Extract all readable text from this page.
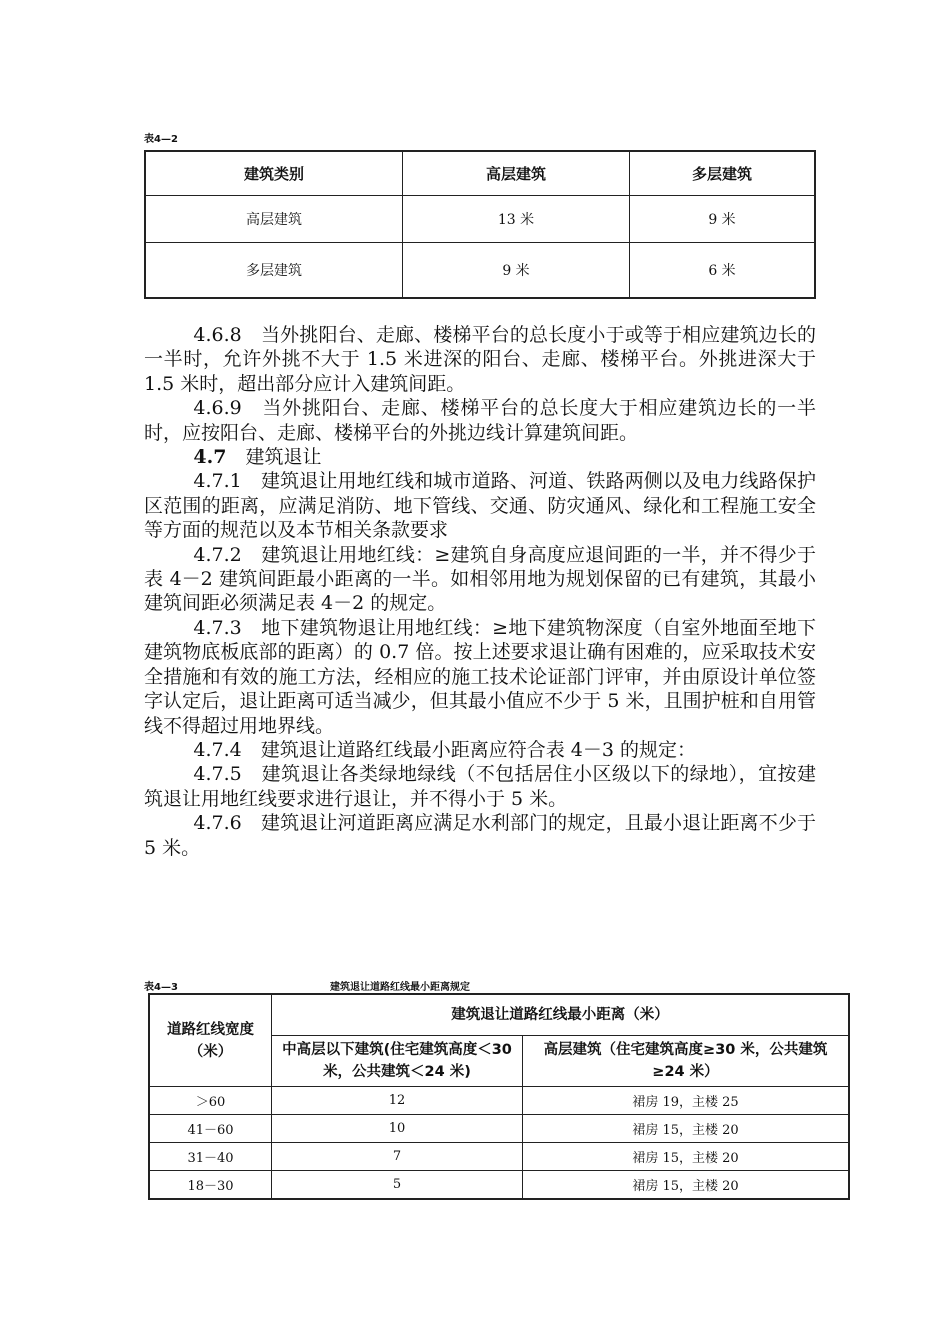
表4—2
建筑类别	高层建筑	多层建筑
高层建筑	13 米	9 米
多层建筑	9 米	6 米

4.6.8　当外挑阳台、走廊、楼梯平台的总长度小于或等于相应建筑边长的一半时，允许外挑不大于 1.5 米进深的阳台、走廊、楼梯平台。外挑进深大于 1.5 米时，超出部分应计入建筑间距。

4.6.9　当外挑阳台、走廊、楼梯平台的总长度大于相应建筑边长的一半时，应按阳台、走廊、楼梯平台的外挑边线计算建筑间距。

4.7　 建筑退让

4.7.1　建筑退让用地红线和城市道路、河道、铁路两侧以及电力线路保护区范围的距离，应满足消防、地下管线、交通、防灾通风、绿化和工程施工安全等方面的规范以及本节相关条款要求

4.7.2　建筑退让用地红线：≥建筑自身高度应退间距的一半，并不得少于表 4－2 建筑间距最小距离的一半。如相邻用地为规划保留的已有建筑，其最小建筑间距必须满足表 4－2 的规定。

4.7.3　地下建筑物退让用地红线：≥地下建筑物深度（自室外地面至地下建筑物底板底部的距离）的 0.7 倍。按上述要求退让确有困难的，应采取技术安全措施和有效的施工方法，经相应的施工技术论证部门评审，并由原设计单位签字认定后，退让距离可适当减少，但其最小值应不少于 5 米，且围护桩和自用管线不得超过用地界线。

4.7.4　建筑退让道路红线最小距离应符合表 4－3 的规定：

4.7.5　建筑退让各类绿地绿线（不包括居住小区级以下的绿地），宜按建筑退让用地红线要求进行退让，并不得小于 5 米。

4.7.6　建筑退让河道距离应满足水利部门的规定，且最小退让距离不少于 5 米。

表4—3	建筑退让道路红线最小距离规定
道路红线宽度（米）	建筑退让道路红线最小距离（米）	
	中高层以下建筑(住宅建筑高度＜30 米，公共建筑＜24 米)	高层建筑（住宅建筑高度≥30 米，公共建筑≥24 米）
＞60	12	裙房 19，主楼 25
41－60	10	裙房 15，主楼 20
31－40	7	裙房 15，主楼 20
18－30	5	裙房 15，主楼 20
